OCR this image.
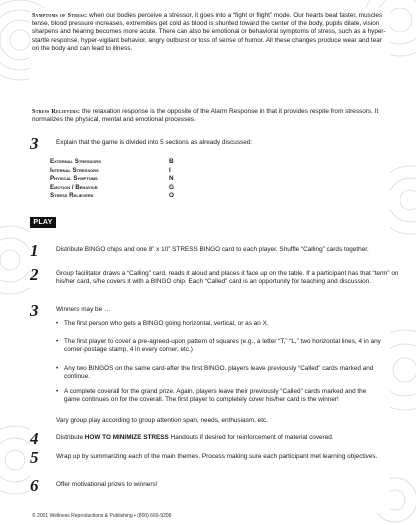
Symptoms of Stress: when our bodies perceive a stressor, it goes into a “fight or flight” mode. Our hearts beat faster, muscles tense, blood pressure increases, extremities get cold as blood is shunted toward the center of the body, pupils dilate, vision sharpens and hearing becomes more acute. There can also be emotional or behavioral symptoms of stress, such as a hyper-startle response, hyper-vigilant behavior, angry outburst or loss of sense of humor. All these changes produce wear and tear on the body and can lead to illness.

Stress Relievers: the relaxation response is the opposite of the Alarm Response in that it provides respite from stressors. It normalizes the physical, mental and emotional processes.

3	Explain that the game is divided into 5 sections as already discussed:

External Stressors	B
Internal Stressors	I
Physical Symptoms	N
Emotion / Behavior	G
Stress Relievers	O
PLAY
1	Distribute BINGO chips and one 8” x 10” STRESS BINGO card to each player. Shuffle “Calling” cards together.

2	Group facilitator draws a “Calling” card, reads it aloud and places it face up on the table. If a participant has that “term” on his/her card, s/he covers it with a BINGO chip. Each “Called” card is an opportunity for teaching and discussion.

3	Winners may be …

• The first person who gets a BINGO going horizontal, vertical, or as an X.

• The first player to cover a pre-agreed-upon pattern of squares (e.g., a letter “T,” “L,” two horizontal lines, 4 in any corner-postage stamp, 4 in every corner, etc.)

• Any two BINGOS on the same card-after the first BINGO, players leave previously “Called” cards marked and continue.

• A complete coverall for the grand prize. Again, players leave their previously “Called” cards marked and the game continues on for the coverall. The first player to completely cover his/her card is the winner!

Vary group play according to group attention span, needs, enthusiasm, etc.

4	Distribute HOW TO MINIMIZE STRESS Handouts if desired for reinforcement of material covered.

5	Wrap up by summarizing each of the main themes. Process making sure each participant met learning objectives.

6	Offer motivational prizes to winners!

© 2001 Wellness Reproductions & Publishing • (800) 669-9208
